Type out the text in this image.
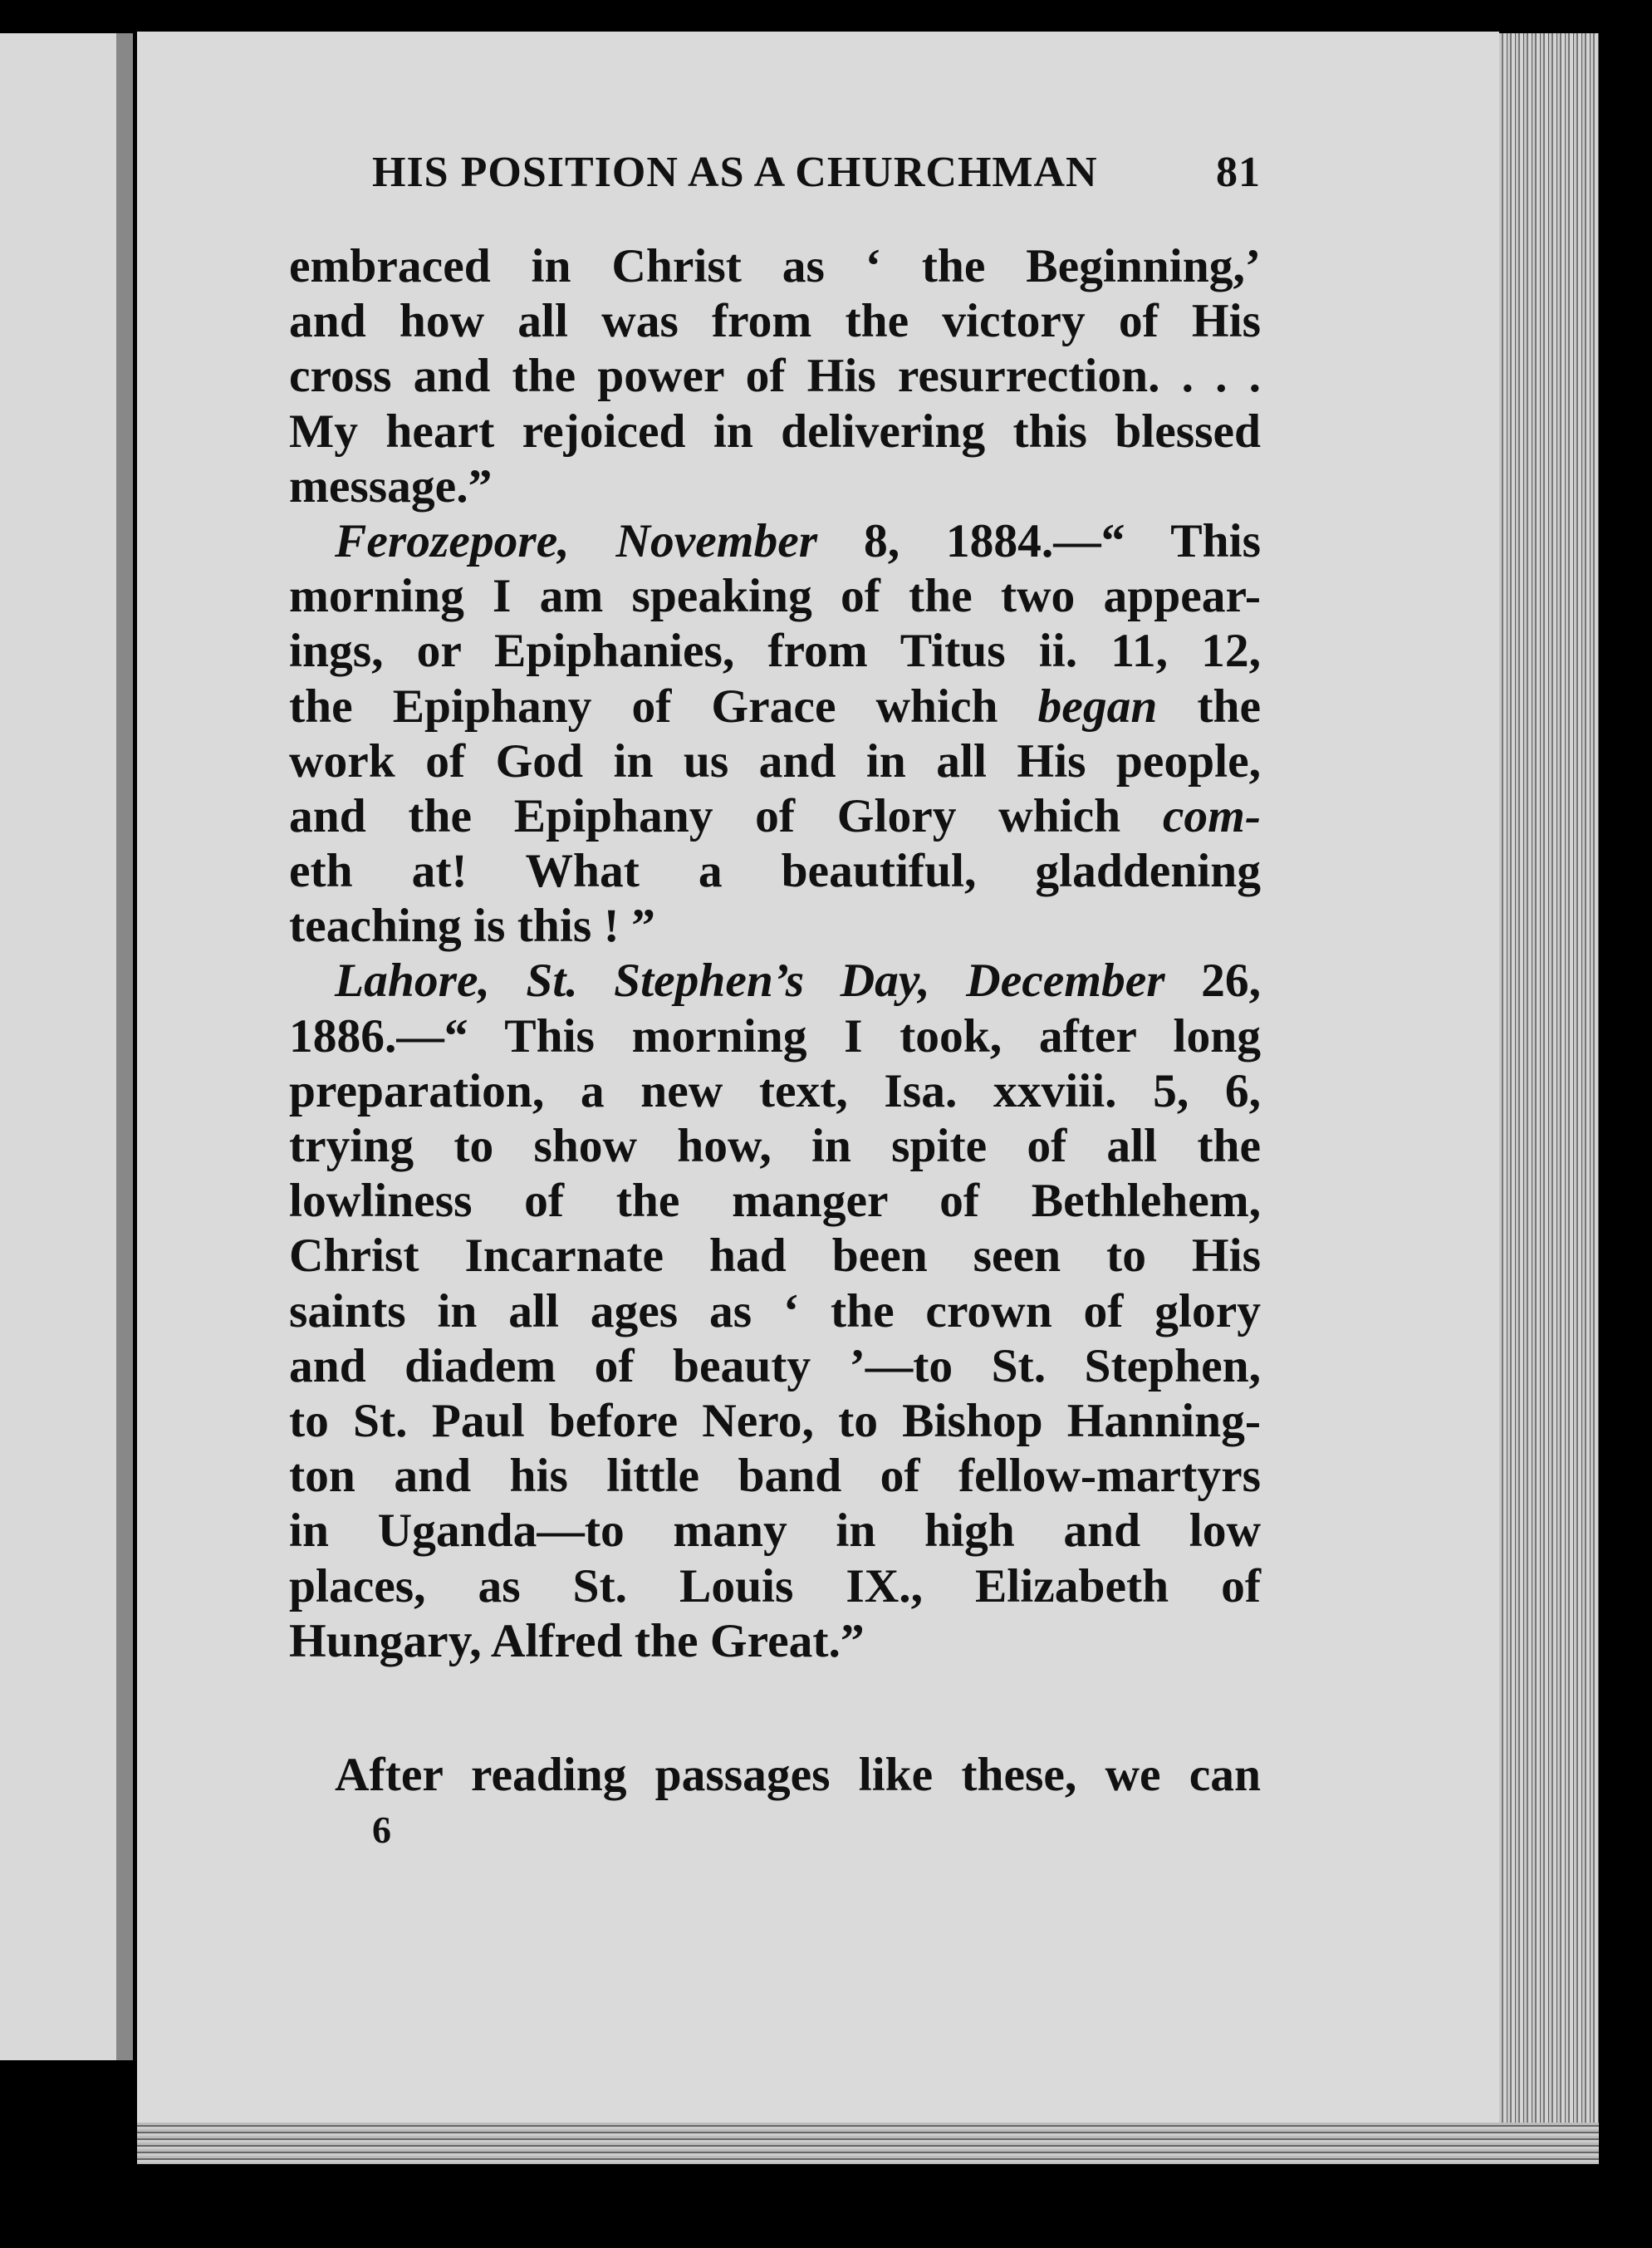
HIS POSITION AS A CHURCHMAN	81
embraced in Christ as ‘ the Beginning,’
and how all was from the victory of His
cross and the power of His resurrection. . . .
My heart rejoiced in delivering this blessed
message.”
Ferozepore, November 8, 1884.—“ This
morning I am speaking of the two appear-
ings, or Epiphanies, from Titus ii. 11, 12,
the Epiphany of Grace which began the
work of God in us and in all His people,
and the Epiphany of Glory which com-
eth at! What a beautiful, gladdening
teaching is this ! ”
Lahore, St. Stephen’s Day, December 26,
1886.—“ This morning I took, after long
preparation, a new text, Isa. xxviii. 5, 6,
trying to show how, in spite of all the
lowliness of the manger of Bethlehem,
Christ Incarnate had been seen to His
saints in all ages as ‘ the crown of glory
and diadem of beauty ’—to St. Stephen,
to St. Paul before Nero, to Bishop Hanning-
ton and his little band of fellow-martyrs
in Uganda—to many in high and low
places, as St. Louis IX., Elizabeth of
Hungary, Alfred the Great.”
After reading passages like these, we can
6
